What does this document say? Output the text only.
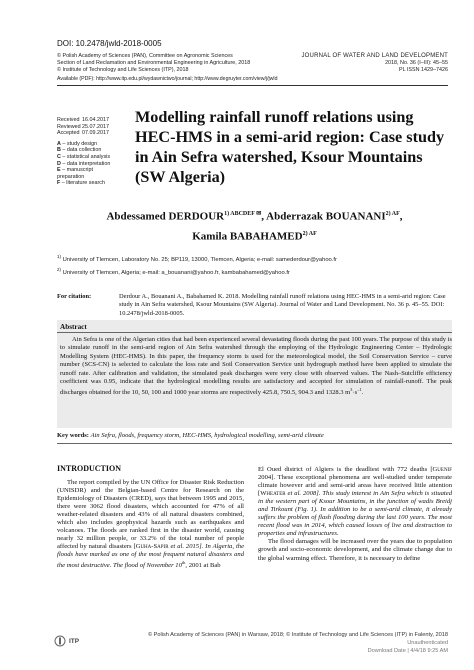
DOI: 10.2478/jwld-2018-0005
© Polish Academy of Sciences (PAN), Committee on Agronomic Sciences
Section of Land Reclamation and Environmental Engineering in Agriculture, 2018
© Institute of Technology and Life Sciences (ITP), 2018
JOURNAL OF WATER AND LAND DEVELOPMENT
2018, No. 36 (I–III): 45–55
PL ISSN 1429–7426
Available (PDF): http://www.itp.edu.pl/wydawnictwo/journal; http://www.degruyter.com/view/j/jwld
Received 16.04.2017
Reviewed 25.07.2017
Accepted 07.09.2017
A – study design
B – data collection
C – statistical analysis
D – data interpretation
E – manuscript preparation
F – literature search
Modelling rainfall runoff relations using HEC-HMS in a semi-arid region: Case study in Ain Sefra watershed, Ksour Mountains (SW Algeria)
Abdessamed $DERDOUR^{1) ABCDEF ✉}$, Abderrazak $BOUANANI^{2) AF}$,
Kamila $BABAHAMED^{2) AF}$
$^{1)}$ University of Tlemcen, Laboratory No. 25; BP119, 13000, Tlemcen, Algeria; e-mail: samederdour@yahoo.fr
$^{2)}$ University of Tlemcen, Algeria; e-mail: a_bouanani@yahoo.fr, kambabahamed@yahoo.fr
For citation:	Derdour A., Bouanani A., Babahamed K. 2018. Modelling rainfall runoff relations using HEC-HMS in a semi-arid region: Case study in Ain Sefra watershed, Ksour Mountains (SW Algeria). Journal of Water and Land Development. No. 36 p. 45–55. DOI: 10.2478/jwld-2018-0005.
Abstract
Ain Sefra is one of the Algerian cities that had been experienced several devastating floods during the past 100 years. The purpose of this study is to simulate runoff in the semi-arid region of Ain Sefra watershed through the employing of the Hydrologic Engineering Center – Hydrologic Modelling System (HEC-HMS). In this paper, the frequency storm is used for the meteorological model, the Soil Conservation Service – curve number (SCS-CN) is selected to calculate the loss rate and Soil Conservation Service unit hydrograph method have been applied to simulate the runoff rate. After calibration and validation, the simulated peak discharges were very close with observed values. The Nash–Sutcliffe efficiency coefficient was 0.95, indicate that the hydrological modelling results are satisfactory and accepted for simulation of rainfall-runoff. The peak discharges obtained for the 10, 50, 100 and 1000 year storms are respectively 425.8, 750.5, 904.3 and 1328.3 $m^3\cdot s^{-1}$.
Key words: Ain Sefra, floods, frequency storm, HEC-HMS, hydrological modelling, semi-arid climate
INTRODUCTION

The report compiled by the UN Office for Disaster Risk Reduction (UNISDR) and the Belgian-based Centre for Research on the Epidemiology of Disasters (CRED), says that between 1995 and 2015, there were 3062 flood disasters, which accounted for 47% of all weather-related disasters and 43% of all natural disasters combined, which also includes geophysical hazards such as earthquakes and volcanoes. The floods are ranked first in the disaster world, causing nearly 32 million people, or 33.2% of the total number of people affected by natural disasters [Guha-Sapir et al. 2015]. In Algeria, the floods have marked as one of the most frequent natural disasters and the most destructive. The flood of November 10th, 2001 at Bab

El Oued district of Algiers is the deadliest with 772 deaths [Guenif 2004]. These exceptional phenomena are well-studied under temperate climate however arid and semi-arid areas have received little attention [Wheater et al. 2008]. This study interest in Ain Sefra which is situated in the western part of Ksour Mountains, in the junction of wadis Breidj and Tirkount (Fig. 1). In addition to be a semi-arid climate, it already suffers the problem of flash flooding during the last 100 years. The most recent flood was in 2014, which caused losses of live and destruction to properties and infrastructures.

The flood damages will be increased over the years due to population growth and socio-economic development, and the climate change due to the global warming effect. Therefore, it is necessary to define

ITP
© Polish Academy of Sciences (PAN) in Warsaw, 2018; © Institute of Technology and Life Sciences (ITP) in Falenty, 2018
Unauthenticated
Download Date | 4/4/18 9:25 AM
